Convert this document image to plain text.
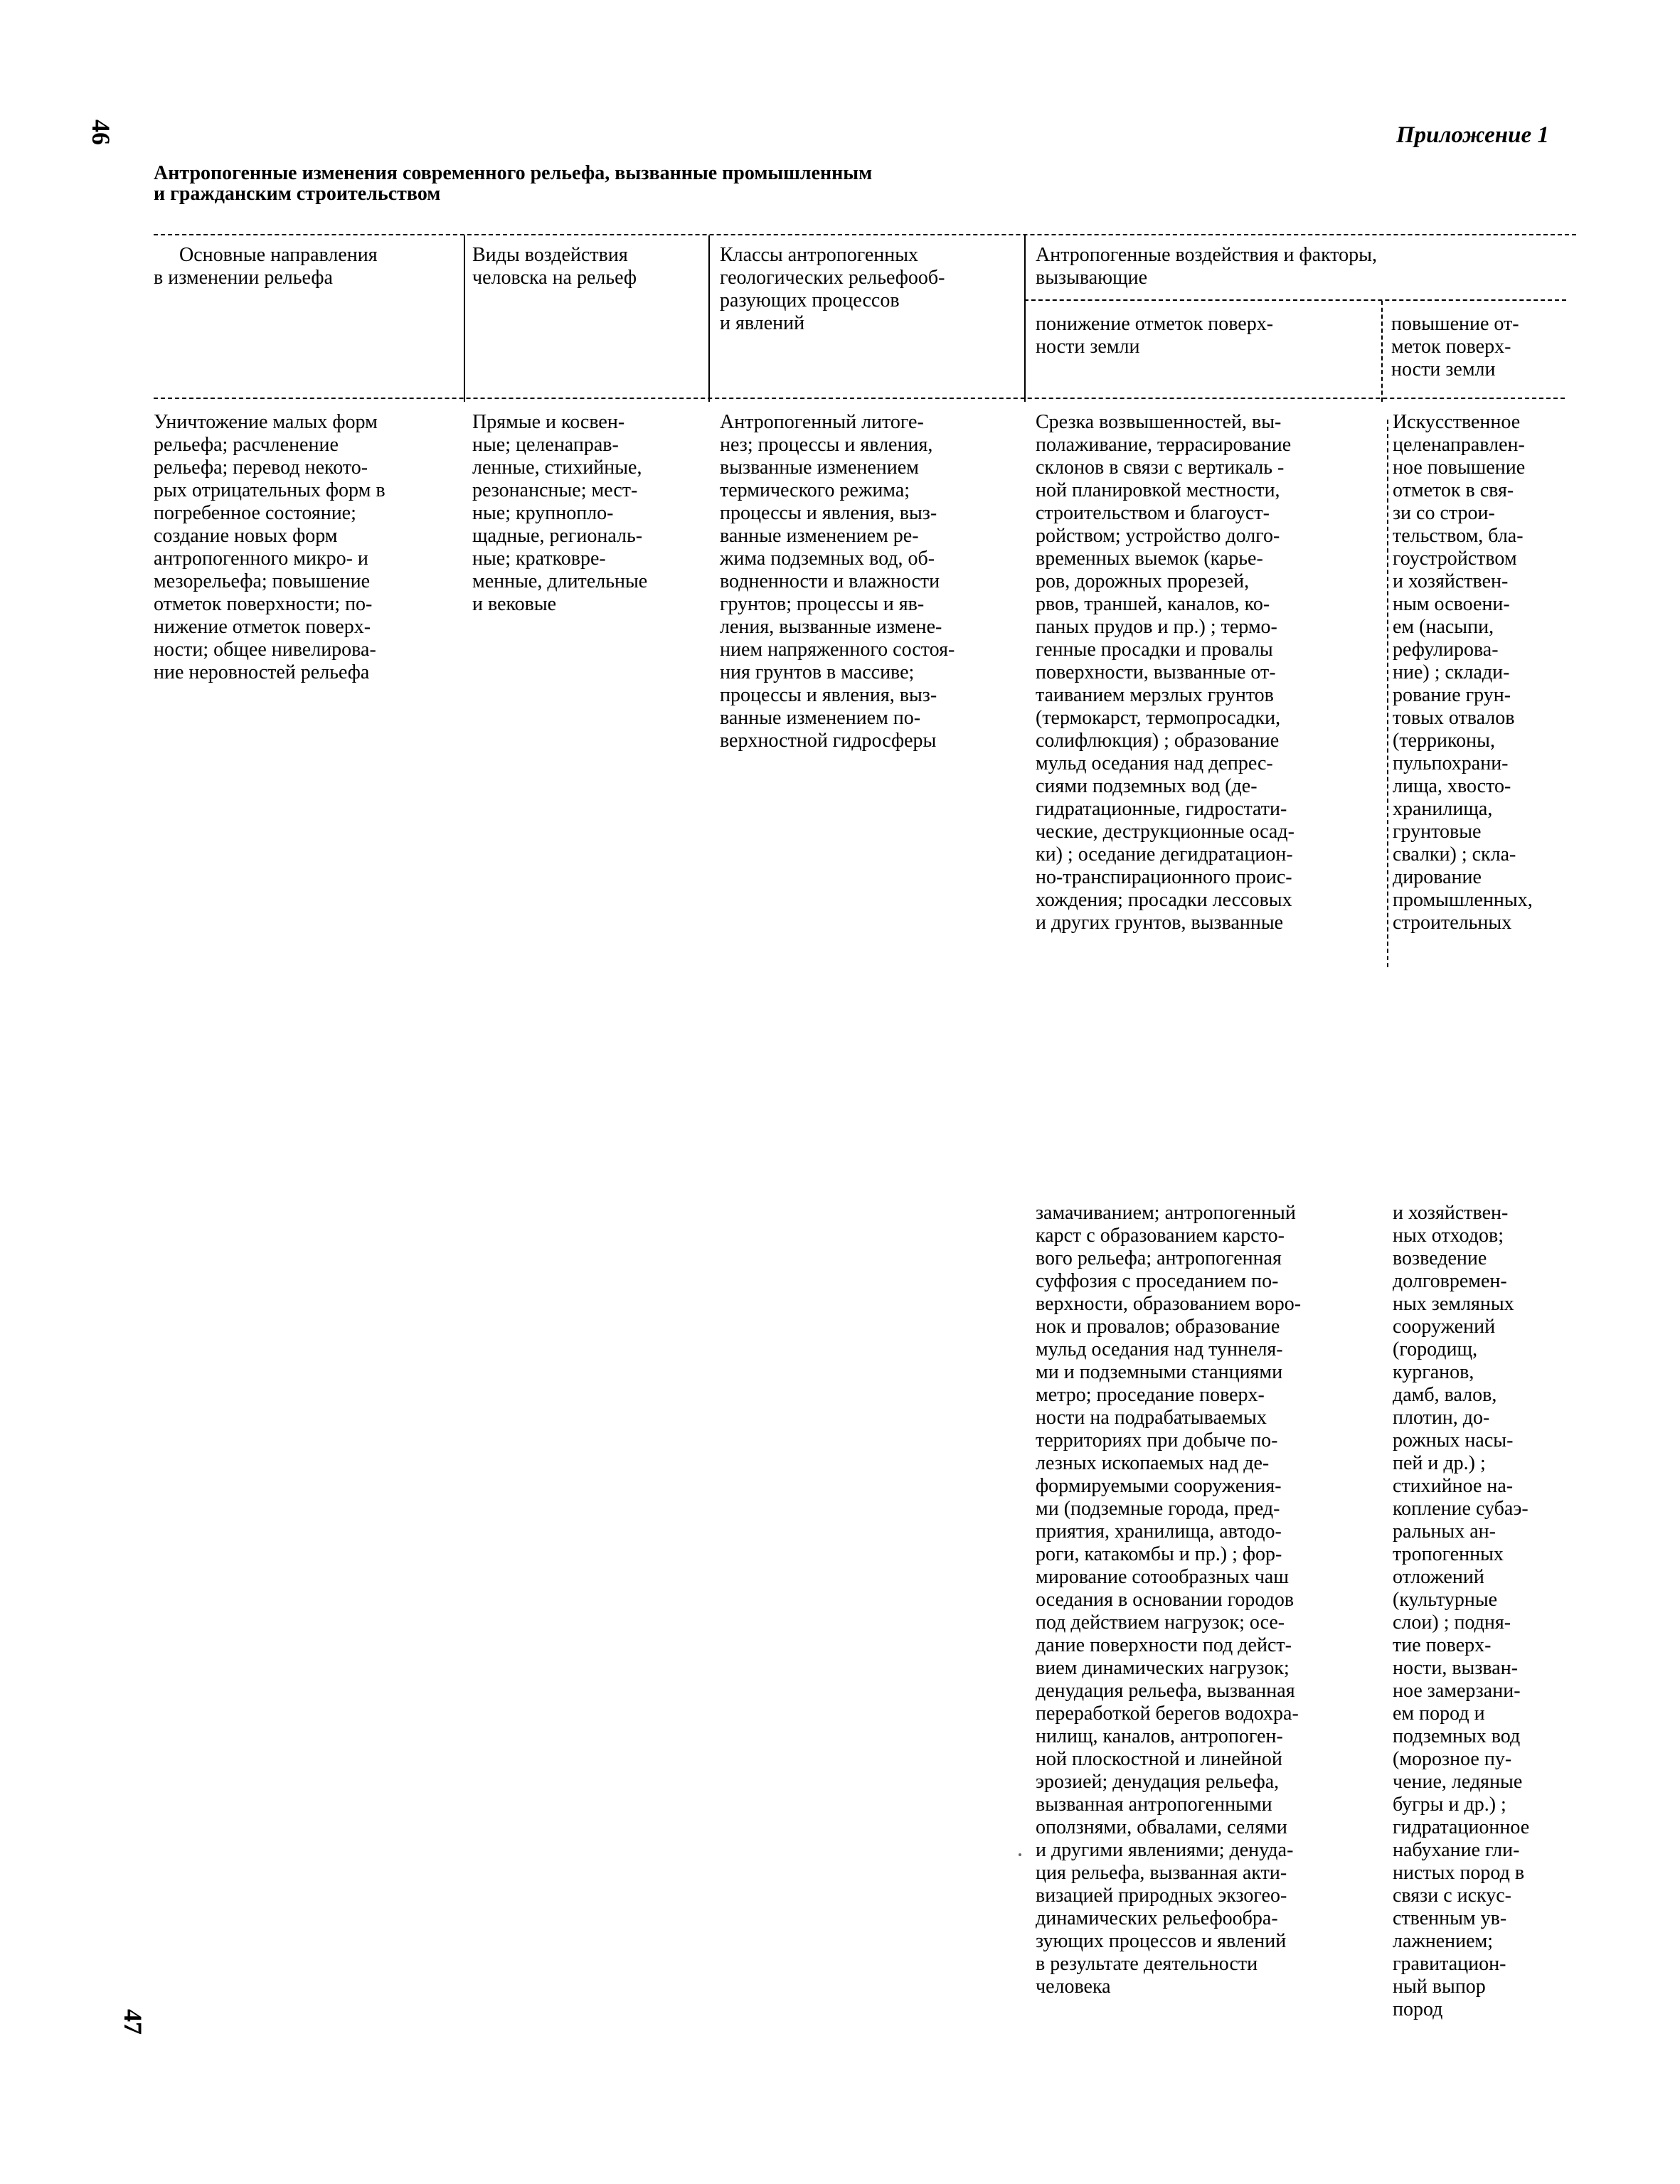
46
47
Приложение 1
Антропогенные изменения современного рельефа, вызванные промышленным
и гражданским строительством
Основные направления
в изменении рельефа
Виды воздействия
человска на рельеф
Классы антропогенных
геологических рельефооб-
разующих процессов
и явлений
Антропогенные воздействия и факторы,
вызывающие
понижение отметок поверх-
ности земли
повышение от-
меток поверх-
ности земли
Уничтожение малых форм
рельефа; расчленение
рельефа; перевод некото-
рых отрицательных форм в
погребенное состояние;
создание новых форм
антропогенного микро- и
мезорельефа; повышение
отметок поверхности; по-
нижение отметок поверх-
ности; общее нивелирова-
ние неровностей рельефа
Прямые и косвен-
ные; целенаправ-
ленные, стихийные,
резонансные; мест-
ные; крупнопло-
щадные, региональ-
ные; кратковре-
менные, длительные
и вековые
Антропогенный литоге-
нез; процессы и явления,
вызванные изменением
термического режима;
процессы и явления, выз-
ванные изменением ре-
жима подземных вод, об-
водненности и влажности
грунтов; процессы и яв-
ления, вызванные измене-
нием напряженного состоя-
ния грунтов в массиве;
процессы и явления, выз-
ванные изменением по-
верхностной гидросферы
Срезка возвышенностей, вы-
полаживание, террасирование
склонов в связи с вертикаль -
ной планировкой местности,
строительством и благоуст-
ройством; устройство долго-
временных выемок (карье-
ров, дорожных прорезей,
рвов, траншей, каналов, ко-
паных прудов и пр.) ; термо-
генные просадки и провалы
поверхности, вызванные от-
таиванием мерзлых грунтов
(термокарст, термопросадки,
солифлюкция) ; образование
мульд оседания над депрес-
сиями подземных вод (де-
гидратационные, гидростати-
ческие, деструкционные осад-
ки) ; оседание дегидратацион-
но-транспирационного проис-
хождения; просадки лессовых
и других грунтов, вызванные
Искусственное
целенаправлен-
ное повышение
отметок в свя-
зи со строи-
тельством, бла-
гоустройством
и хозяйствен-
ным освоени-
ем (насыпи,
рефулирова-
ние) ; склади-
рование грун-
товых отвалов
(терриконы,
пульпохрани-
лища, хвосто-
хранилища,
грунтовые
свалки) ; скла-
дирование
промышленных,
строительных
замачиванием; антропогенный
карст с образованием карсто-
вого рельефа; антропогенная
суффозия с проседанием по-
верхности, образованием воро-
нок и провалов; образование
мульд оседания над туннеля-
ми и подземными станциями
метро; проседание поверх-
ности на подрабатываемых
территориях при добыче по-
лезных ископаемых над де-
формируемыми сооружения-
ми (подземные города, пред-
приятия, хранилища, автодо-
роги, катакомбы и пр.) ; фор-
мирование сотообразных чаш
оседания в основании городов
под действием нагрузок; осе-
дание поверхности под дейст-
вием динамических нагрузок;
денудация рельефа, вызванная
переработкой берегов водохра-
нилищ, каналов, антропоген-
ной плоскостной и линейной
эрозией; денудация рельефа,
вызванная антропогенными
оползнями, обвалами, селями
и другими явлениями; денуда-
ция рельефа, вызванная акти-
визацией природных экзогео-
динамических рельефообра-
зующих процессов и явлений
в результате деятельности
человека
и хозяйствен-
ных отходов;
возведение
долговремен-
ных земляных
сооружений
(городищ,
курганов,
дамб, валов,
плотин, до-
рожных насы-
пей и др.) ;
стихийное на-
копление субаэ-
ральных ан-
тропогенных
отложений
(культурные
слои) ; подня-
тие поверх-
ности, вызван-
ное замерзани-
ем пород и
подземных вод
(морозное пу-
чение, ледяные
бугры и др.) ;
гидратационное
набухание гли-
нистых пород в
связи с искус-
ственным ув-
лажнением;
гравитацион-
ный выпор
пород
